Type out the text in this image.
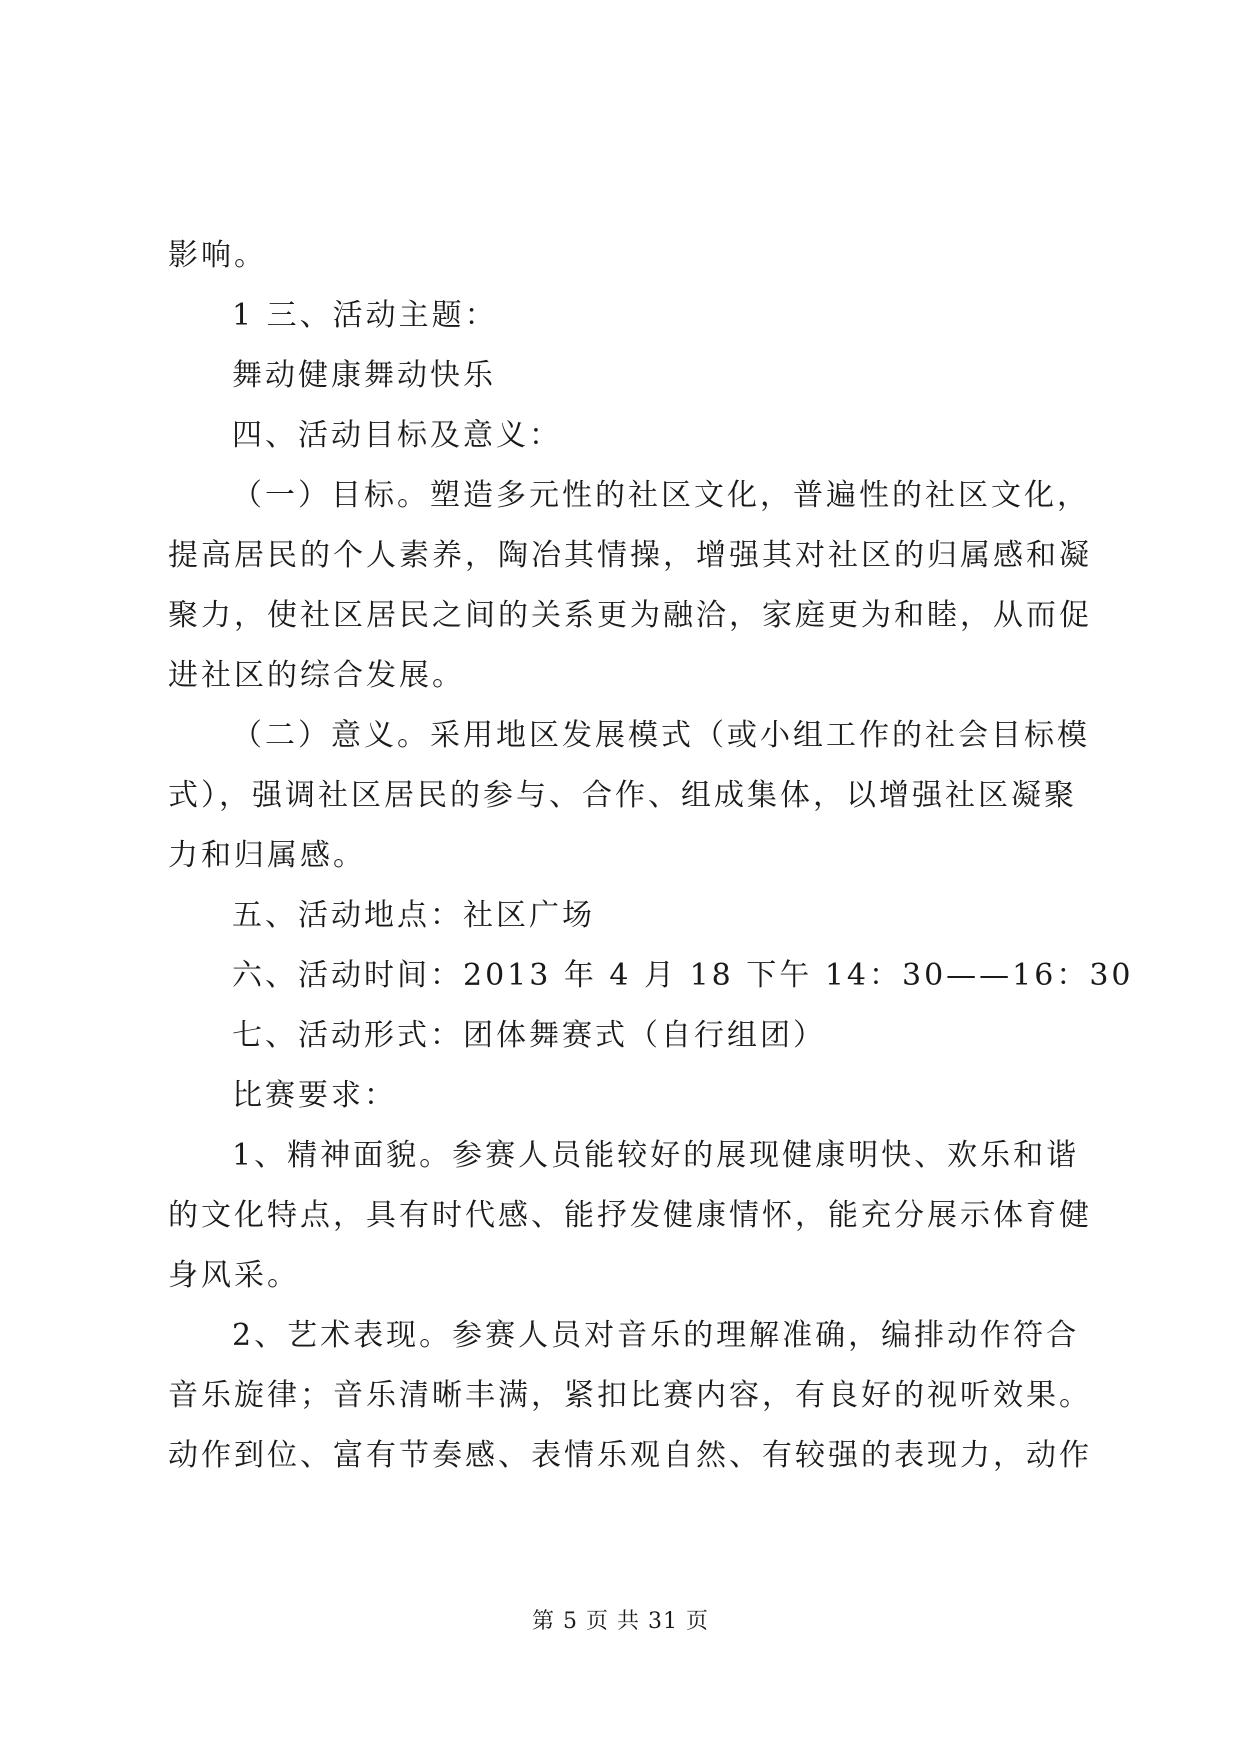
影响。
1 三、活动主题：
舞动健康舞动快乐
四、活动目标及意义：
（一）目标。塑造多元性的社区文化，普遍性的社区文化，
提高居民的个人素养，陶冶其情操，增强其对社区的归属感和凝
聚力，使社区居民之间的关系更为融洽，家庭更为和睦，从而促
进社区的综合发展。
（二）意义。采用地区发展模式（或小组工作的社会目标模
式），强调社区居民的参与、合作、组成集体，以增强社区凝聚
力和归属感。
五、活动地点：社区广场
六、活动时间：2013 年 4 月 18 下午 14：30——16：30
七、活动形式：团体舞赛式（自行组团）
比赛要求：
1、精神面貌。参赛人员能较好的展现健康明快、欢乐和谐
的文化特点，具有时代感、能抒发健康情怀，能充分展示体育健
身风采。
2、艺术表现。参赛人员对音乐的理解准确，编排动作符合
音乐旋律；音乐清晰丰满，紧扣比赛内容，有良好的视听效果。
动作到位、富有节奏感、表情乐观自然、有较强的表现力，动作
第 5 页 共 31 页
